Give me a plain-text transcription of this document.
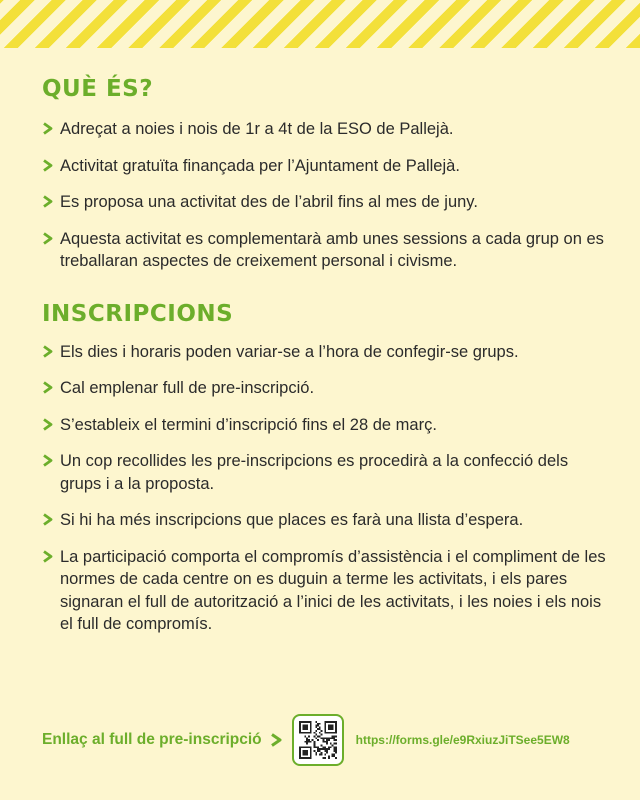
QUÈ ÉS?
Adreçat a noies i nois de 1r a 4t de la ESO de Pallejà.
Activitat gratuïta finançada per l’Ajuntament de Pallejà.
Es proposa una activitat des de l’abril fins al mes de juny.
Aquesta activitat es complementarà amb unes sessions a cada grup on es treballaran aspectes de creixement personal i civisme.
INSCRIPCIONS
Els dies i horaris poden variar-se a l’hora de confegir-se grups.
Cal emplenar full de pre-inscripció.
S’estableix el termini d’inscripció fins el 28 de març.
Un cop recollides les pre-inscripcions es procedirà a la confecció dels grups i a la proposta.
Si hi ha més inscripcions que places es farà una llista d’espera.
La participació comporta el compromís d’assistència i el compliment de les normes de cada centre on es duguin a terme les activitats, i els pares signaran el full de autorització a l’inici de les activitats, i les noies i els nois el full de compromís.
Enllaç al full de pre-inscripció	https://forms.gle/e9RxiuzJiTSee5EW8
